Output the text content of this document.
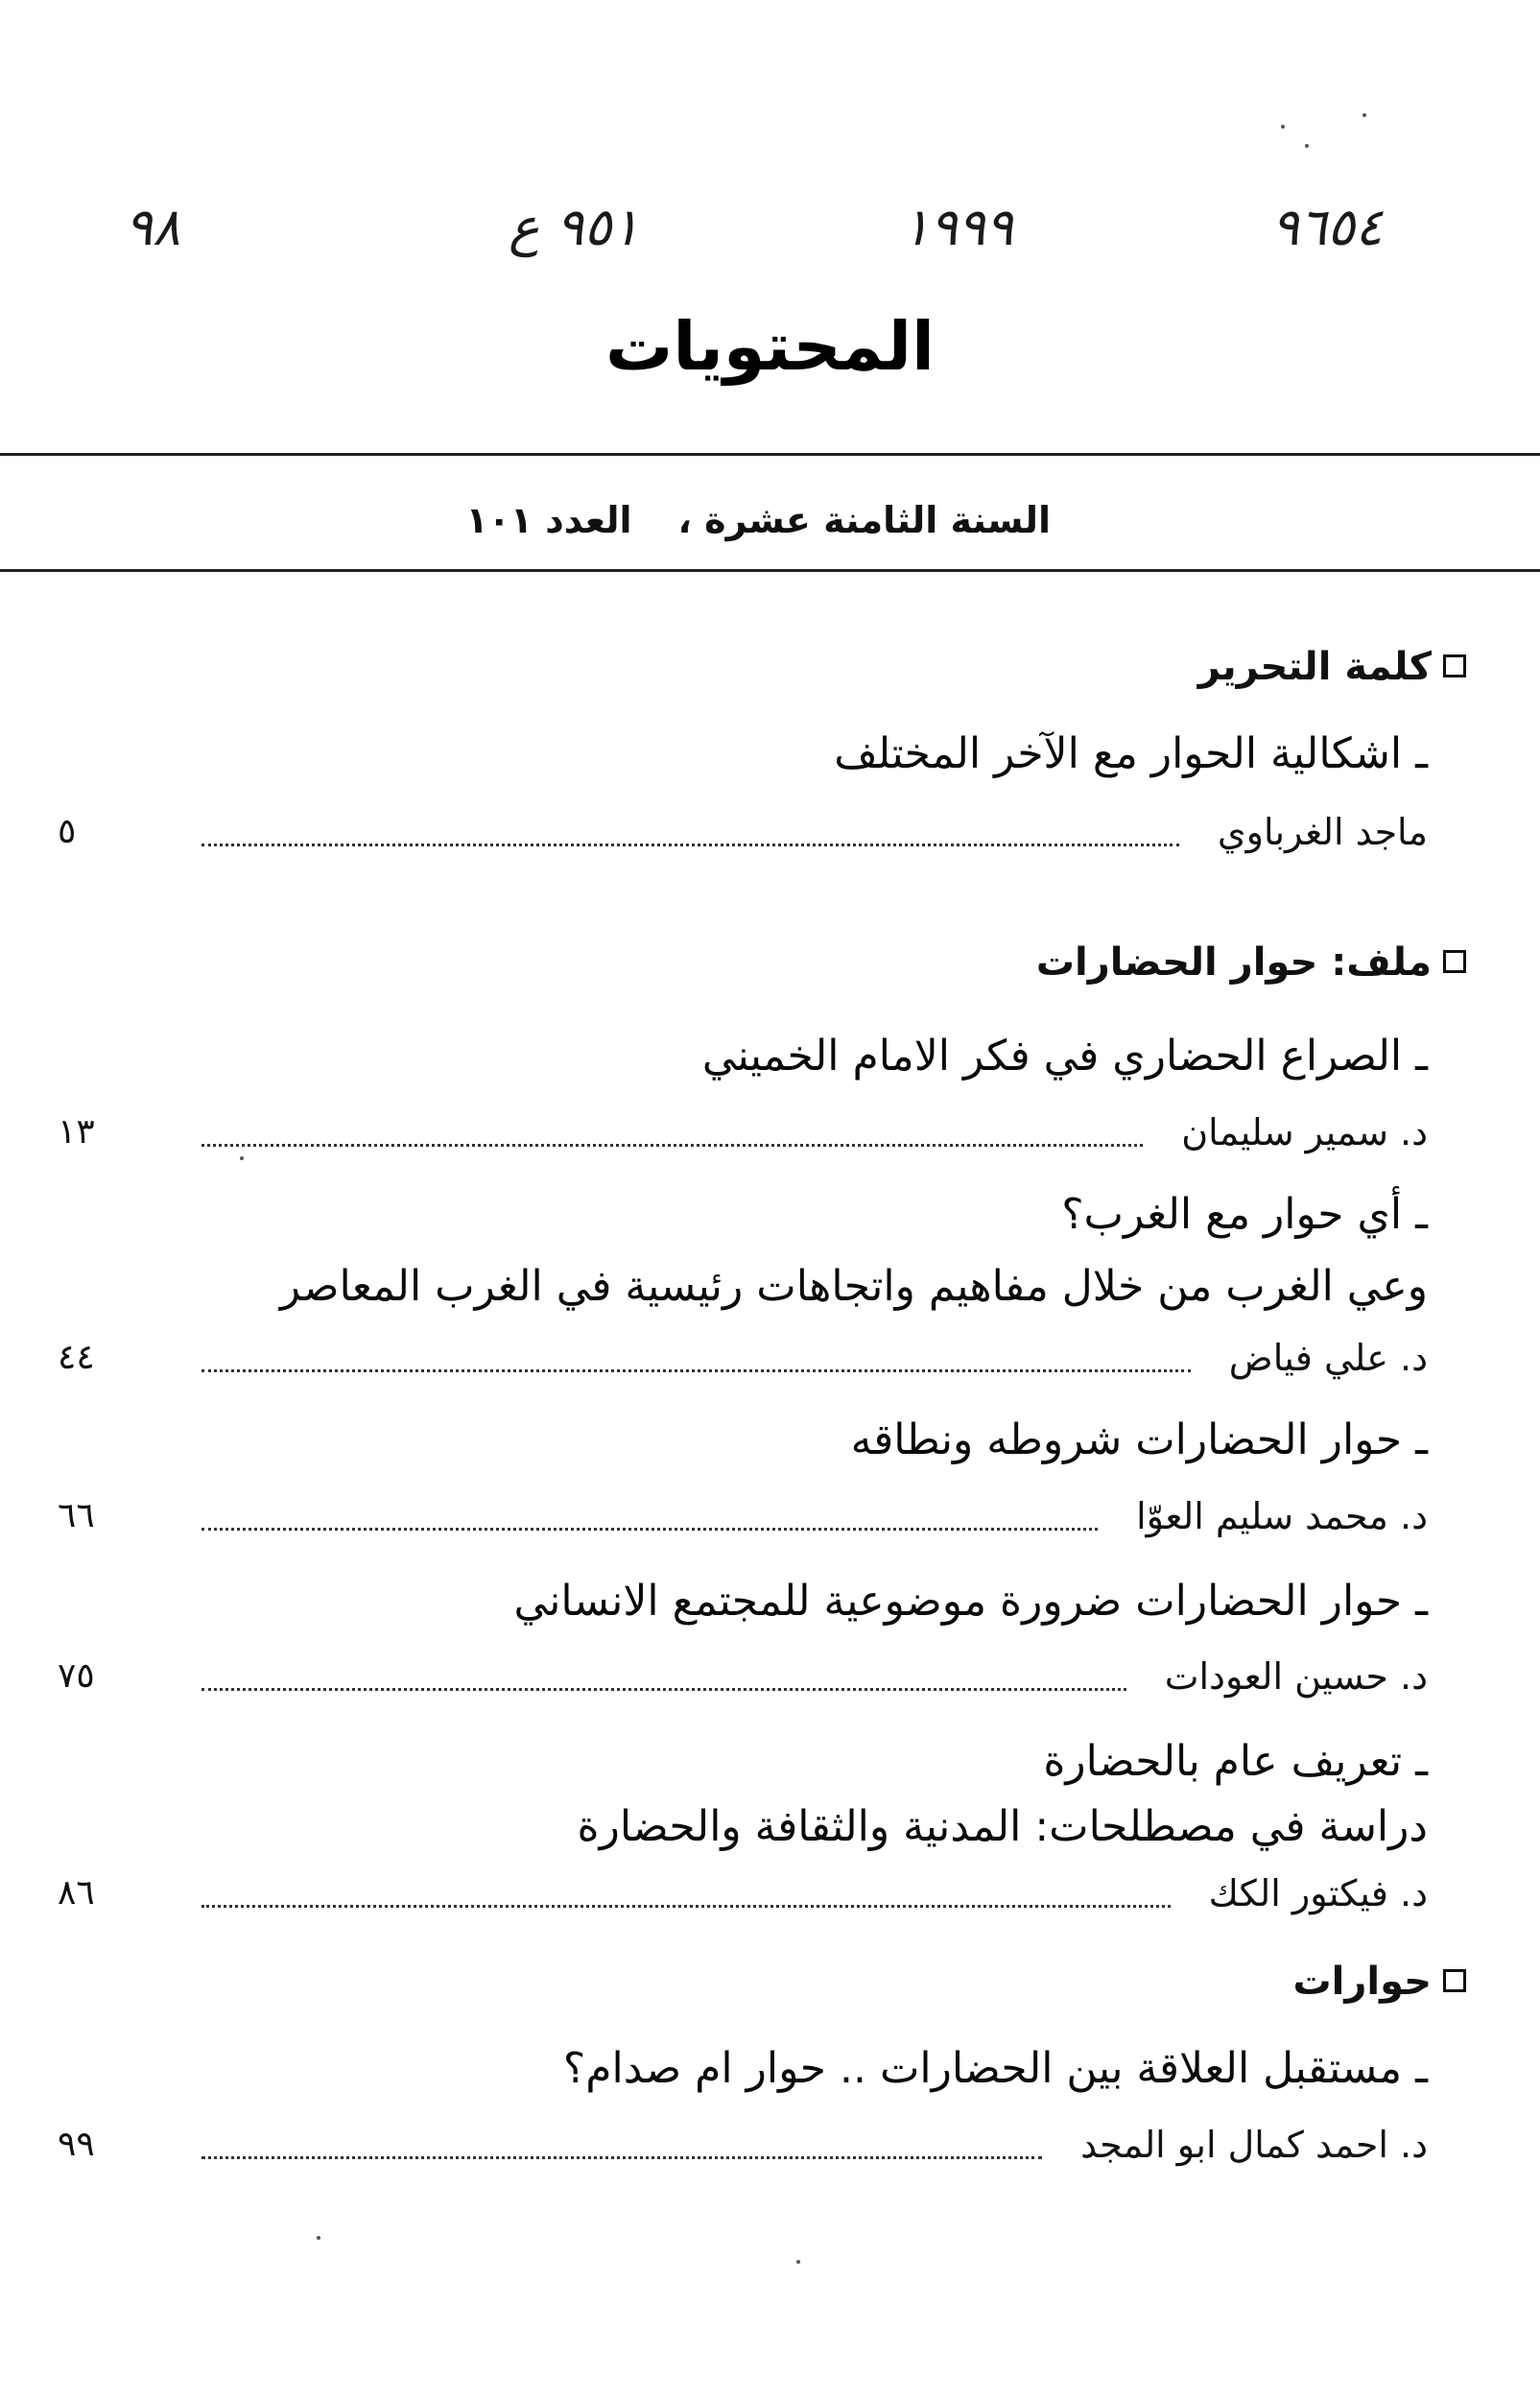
٩٦٥٤
١٩٩٩
٩٥١ ع
٩٨
المحتويات
السنة الثامنة عشرة ،العدد ١٠١
كلمة التحرير
ـ اشكالية الحوار مع الآخر المختلف
٥	ماجد الغرباوي
ملف: حوار الحضارات
ـ الصراع الحضاري في فكر الامام الخميني
١٣	د. سمير سليمان
ـ أي حوار مع الغرب؟
وعي الغرب من خلال مفاهيم واتجاهات رئيسية في الغرب المعاصر
٤٤	د. علي فياض
ـ حوار الحضارات شروطه ونطاقه
٦٦	د. محمد سليم العوّا
ـ حوار الحضارات ضرورة موضوعية للمجتمع الانساني
٧٥	د. حسين العودات
ـ تعريف عام بالحضارة
دراسة في مصطلحات: المدنية والثقافة والحضارة
٨٦	د. فيكتور الكك
حوارات
ـ مستقبل العلاقة بين الحضارات .. حوار ام صدام؟
٩٩	د. احمد كمال ابو المجد
